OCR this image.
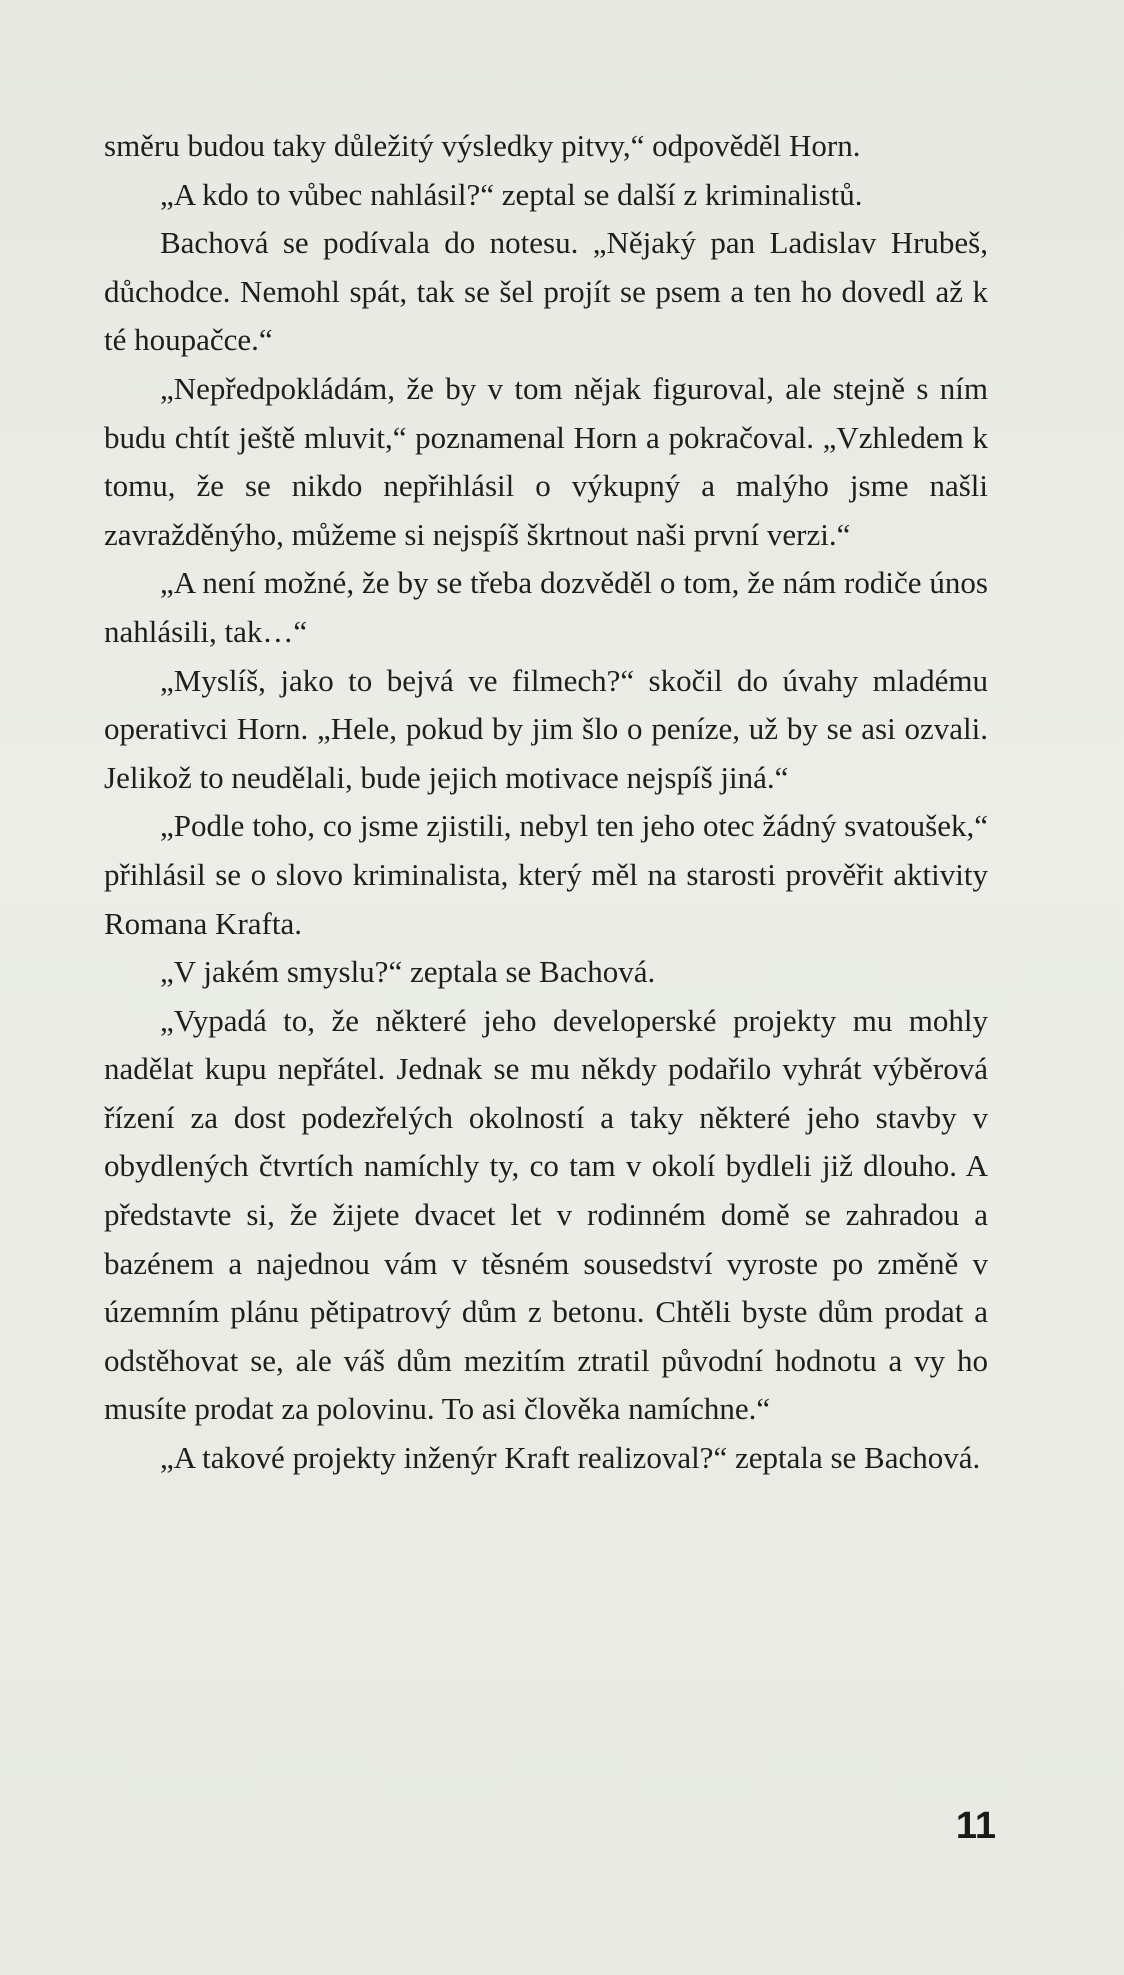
směru budou taky důležitý výsledky pitvy,“ odpověděl Horn.

„A kdo to vůbec nahlásil?“ zeptal se další z kriminalistů.

Bachová se podívala do notesu. „Nějaký pan Ladislav Hrubeš, důchodce. Nemohl spát, tak se šel projít se psem a ten ho dovedl až k té houpačce.“

„Nepředpokládám, že by v tom nějak figuroval, ale stejně s ním budu chtít ještě mluvit,“ poznamenal Horn a pokračoval. „Vzhledem k tomu, že se nikdo nepřihlásil o výkupný a malýho jsme našli zavražděnýho, můžeme si nejspíš škrtnout naši první verzi.“

„A není možné, že by se třeba dozvěděl o tom, že nám rodiče únos nahlásili, tak…“

„Myslíš, jako to bejvá ve filmech?“ skočil do úvahy mladému operativci Horn. „Hele, pokud by jim šlo o peníze, už by se asi ozvali. Jelikož to neudělali, bude jejich motivace nejspíš jiná.“

„Podle toho, co jsme zjistili, nebyl ten jeho otec žádný svatoušek,“ přihlásil se o slovo kriminalista, který měl na starosti prověřit aktivity Romana Krafta.

„V jakém smyslu?“ zeptala se Bachová.

„Vypadá to, že některé jeho developerské projekty mu mohly nadělat kupu nepřátel. Jednak se mu někdy podařilo vyhrát výběrová řízení za dost podezřelých okolností a taky některé jeho stavby v obydlených čtvrtích namíchly ty, co tam v okolí bydleli již dlouho. A představte si, že žijete dvacet let v rodinném domě se zahradou a bazénem a najednou vám v těsném sousedství vyroste po změně v územním plánu pětipatrový dům z betonu. Chtěli byste dům prodat a odstěhovat se, ale váš dům mezitím ztratil původní hodnotu a vy ho musíte prodat za polovinu. To asi člověka namíchne.“

„A takové projekty inženýr Kraft realizoval?“ zeptala se Bachová.

11
